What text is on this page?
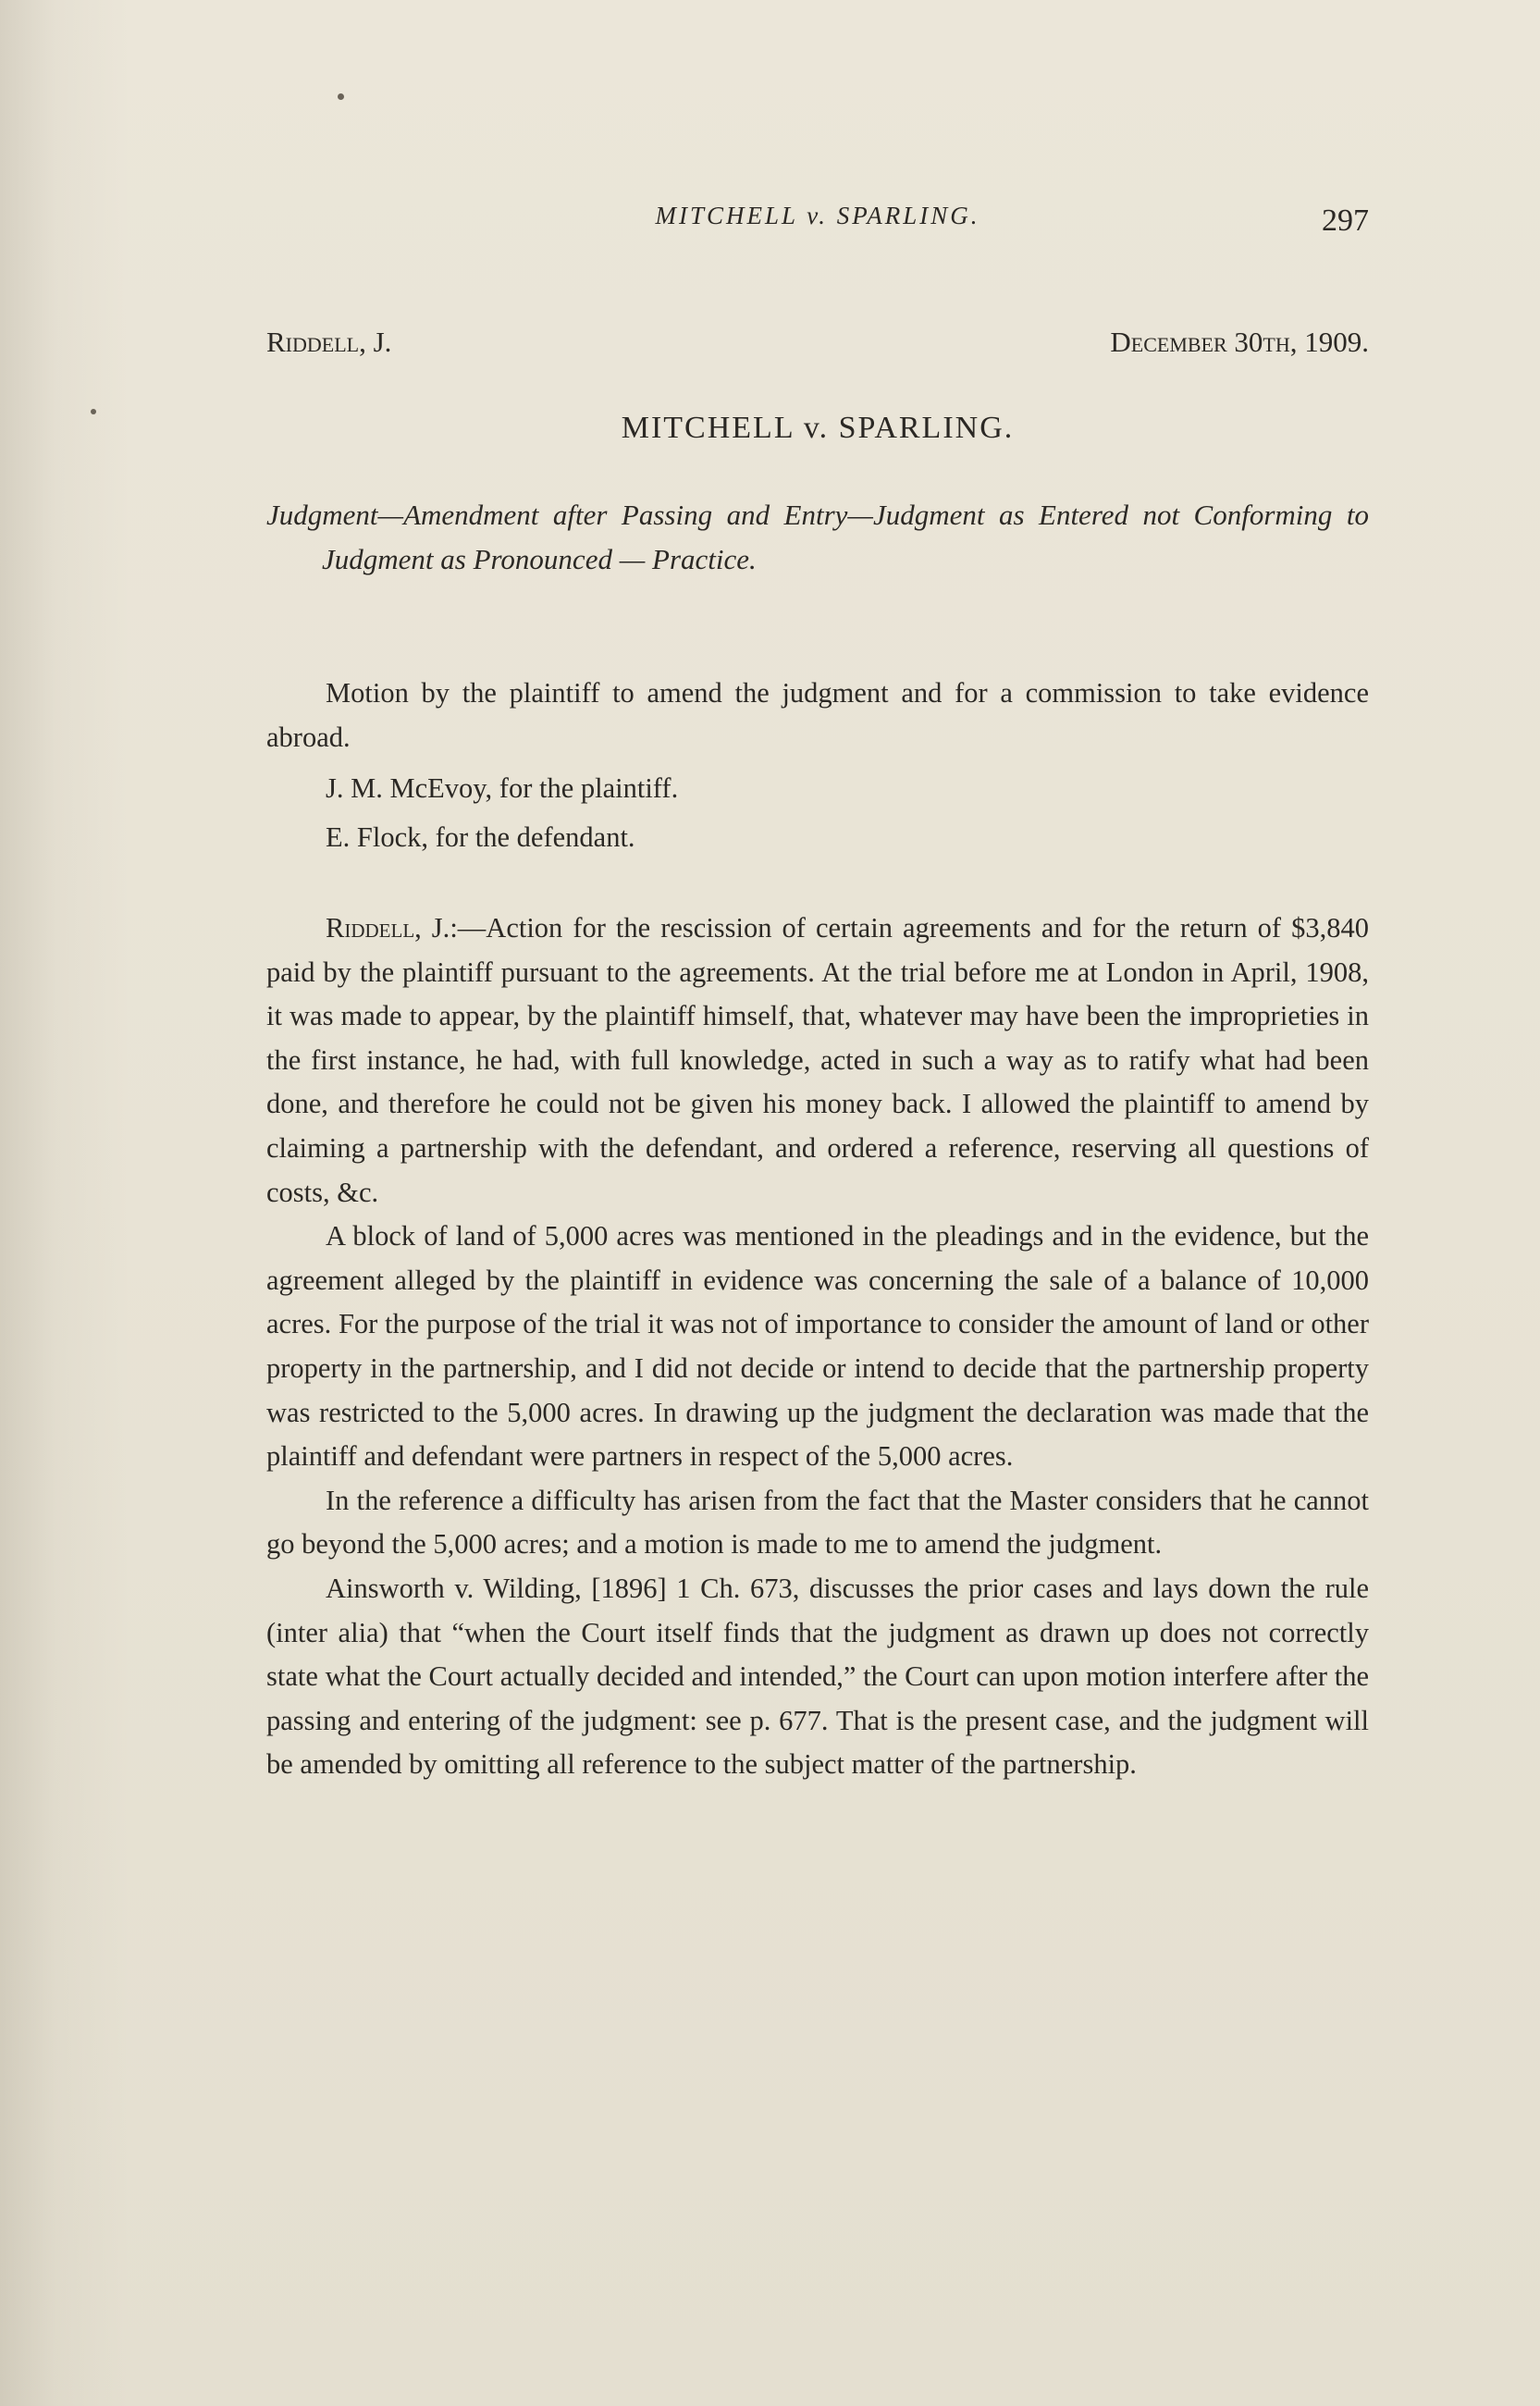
MITCHELL v. SPARLING.	297
Riddell, J.	December 30th, 1909.
MITCHELL v. SPARLING.
Judgment—Amendment after Passing and Entry—Judgment as Entered not Conforming to Judgment as Pronounced — Practice.

Motion by the plaintiff to amend the judgment and for a commission to take evidence abroad.

J. M. McEvoy, for the plaintiff.
E. Flock, for the defendant.

Riddell, J.:—Action for the rescission of certain agreements and for the return of $3,840 paid by the plaintiff pursuant to the agreements. At the trial before me at London in April, 1908, it was made to appear, by the plaintiff himself, that, whatever may have been the improprieties in the first instance, he had, with full knowledge, acted in such a way as to ratify what had been done, and therefore he could not be given his money back. I allowed the plaintiff to amend by claiming a partnership with the defendant, and ordered a reference, reserving all questions of costs, &c.

A block of land of 5,000 acres was mentioned in the pleadings and in the evidence, but the agreement alleged by the plaintiff in evidence was concerning the sale of a balance of 10,000 acres. For the purpose of the trial it was not of importance to consider the amount of land or other property in the partnership, and I did not decide or intend to decide that the partnership property was restricted to the 5,000 acres. In drawing up the judgment the declaration was made that the plaintiff and defendant were partners in respect of the 5,000 acres.

In the reference a difficulty has arisen from the fact that the Master considers that he cannot go beyond the 5,000 acres; and a motion is made to me to amend the judgment.

Ainsworth v. Wilding, [1896] 1 Ch. 673, discusses the prior cases and lays down the rule (inter alia) that “when the Court itself finds that the judgment as drawn up does not correctly state what the Court actually decided and intended,” the Court can upon motion interfere after the passing and entering of the judgment: see p. 677. That is the present case, and the judgment will be amended by omitting all reference to the subject matter of the partnership.
